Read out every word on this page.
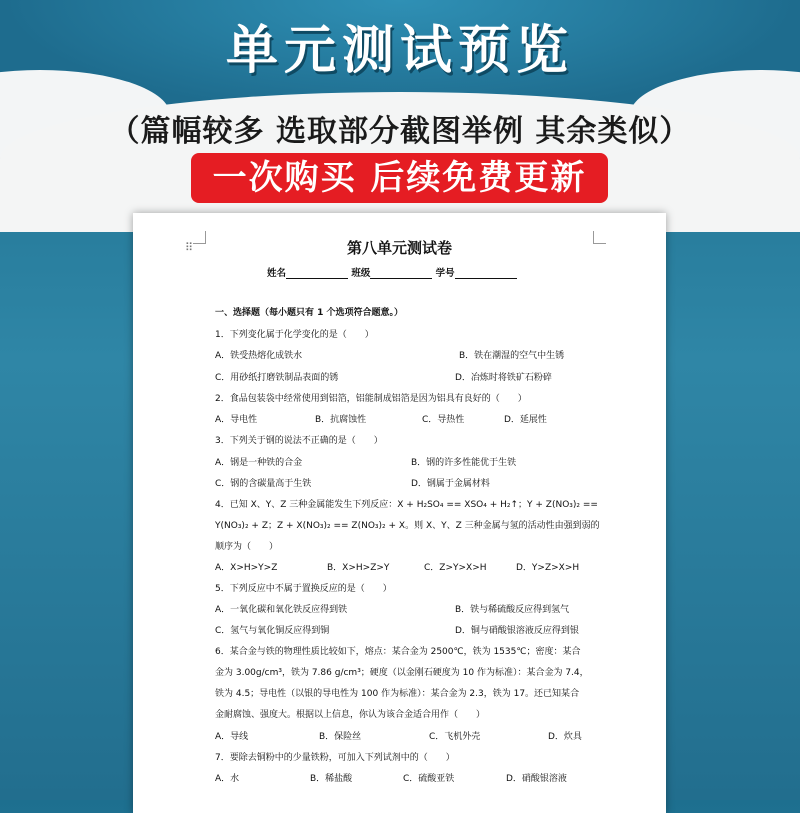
单元测试预览
（篇幅较多 选取部分截图举例 其余类似）
一次购买 后续免费更新
⠿	第八单元测试卷
姓名	班级	学号
一、选择题（每小题只有 1 个选项符合题意。）
1．下列变化属于化学变化的是（　　）
A．铁受热熔化成铁水	B．铁在潮湿的空气中生锈
C．用砂纸打磨铁制品表面的锈	D．冶炼时将铁矿石粉碎
2．食品包装袋中经常使用到铝箔，铝能制成铝箔是因为铝具有良好的（　　）
A．导电性	B．抗腐蚀性	C．导热性	D．延展性
3．下列关于钢的说法不正确的是（　　）
A．钢是一种铁的合金	B．钢的许多性能优于生铁
C．钢的含碳量高于生铁	D．钢属于金属材料
4．已知 X、Y、Z 三种金属能发生下列反应：X + H₂SO₄ == XSO₄ + H₂↑；Y + Z(NO₃)₂ ==
Y(NO₃)₂ + Z；Z + X(NO₃)₂ == Z(NO₃)₂ + X。则 X、Y、Z 三种金属与氢的活动性由强到弱的
顺序为（　　）
A．X>H>Y>Z	B．X>H>Z>Y	C．Z>Y>X>H	D．Y>Z>X>H
5．下列反应中不属于置换反应的是（　　）
A．一氧化碳和氧化铁反应得到铁	B．铁与稀硫酸反应得到氢气
C．氢气与氧化铜反应得到铜	D．铜与硝酸银溶液反应得到银
6．某合金与铁的物理性质比较如下，熔点：某合金为 2500℃，铁为 1535℃；密度：某合
金为 3.00g/cm³，铁为 7.86 g/cm³；硬度（以金刚石硬度为 10 作为标准）：某合金为 7.4，
铁为 4.5；导电性（以银的导电性为 100 作为标准）：某合金为 2.3，铁为 17。还已知某合
金耐腐蚀、强度大。根据以上信息，你认为该合金适合用作（　　）
A．导线	B．保险丝	C．飞机外壳	D．炊具
7．要除去铜粉中的少量铁粉，可加入下列试剂中的（　　）
A．水	B．稀盐酸	C．硫酸亚铁	D．硝酸银溶液
